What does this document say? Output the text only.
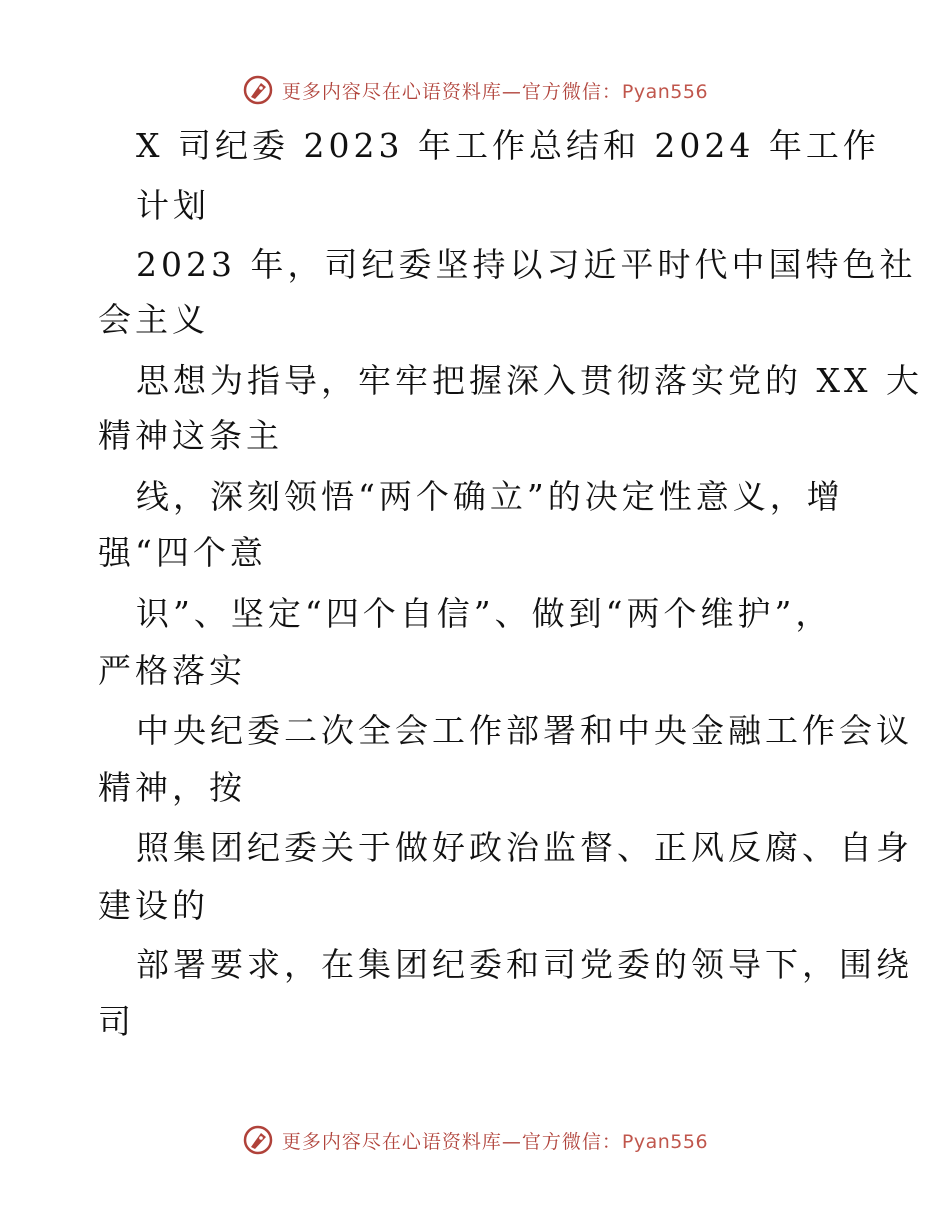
更多内容尽在心语资料库—官方微信：Pyan556
X 司纪委 2023 年工作总结和 2024 年工作
计划
2023 年，司纪委坚持以习近平时代中国特色社
会主义
思想为指导，牢牢把握深入贯彻落实党的 XX 大
精神这条主
线，深刻领悟“两个确立”的决定性意义，增
强“四个意
识”、坚定“四个自信”、做到“两个维护”，
严格落实
中央纪委二次全会工作部署和中央金融工作会议
精神，按
照集团纪委关于做好政治监督、正风反腐、自身
建设的
部署要求，在集团纪委和司党委的领导下，围绕
司
更多内容尽在心语资料库—官方微信：Pyan556
